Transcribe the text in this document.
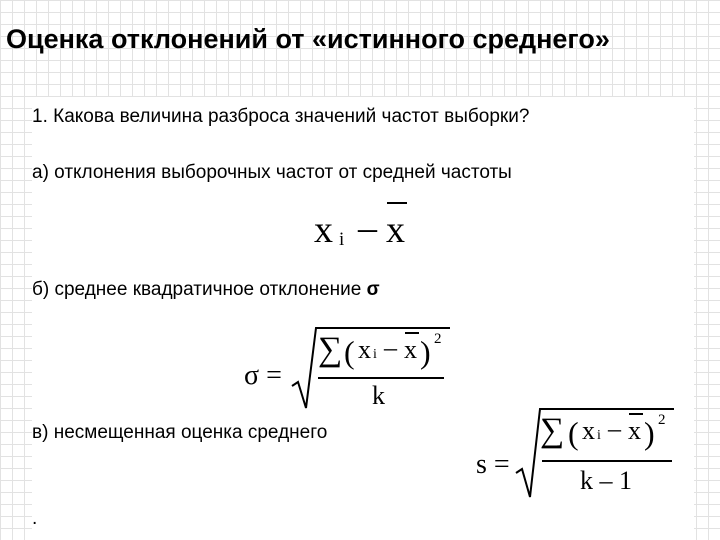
Оценка отклонений от «истинного среднего»
1. Какова величина разброса значений частот выборки?
а) отклонения выборочных частот от средней частоты
б) среднее квадратичное отклонение σ
в) несмещенная оценка среднего
.
x i – x
σ =
∑ ( x i – x ) 2
k
s =
∑ ( x i – x ) 2
k – 1
